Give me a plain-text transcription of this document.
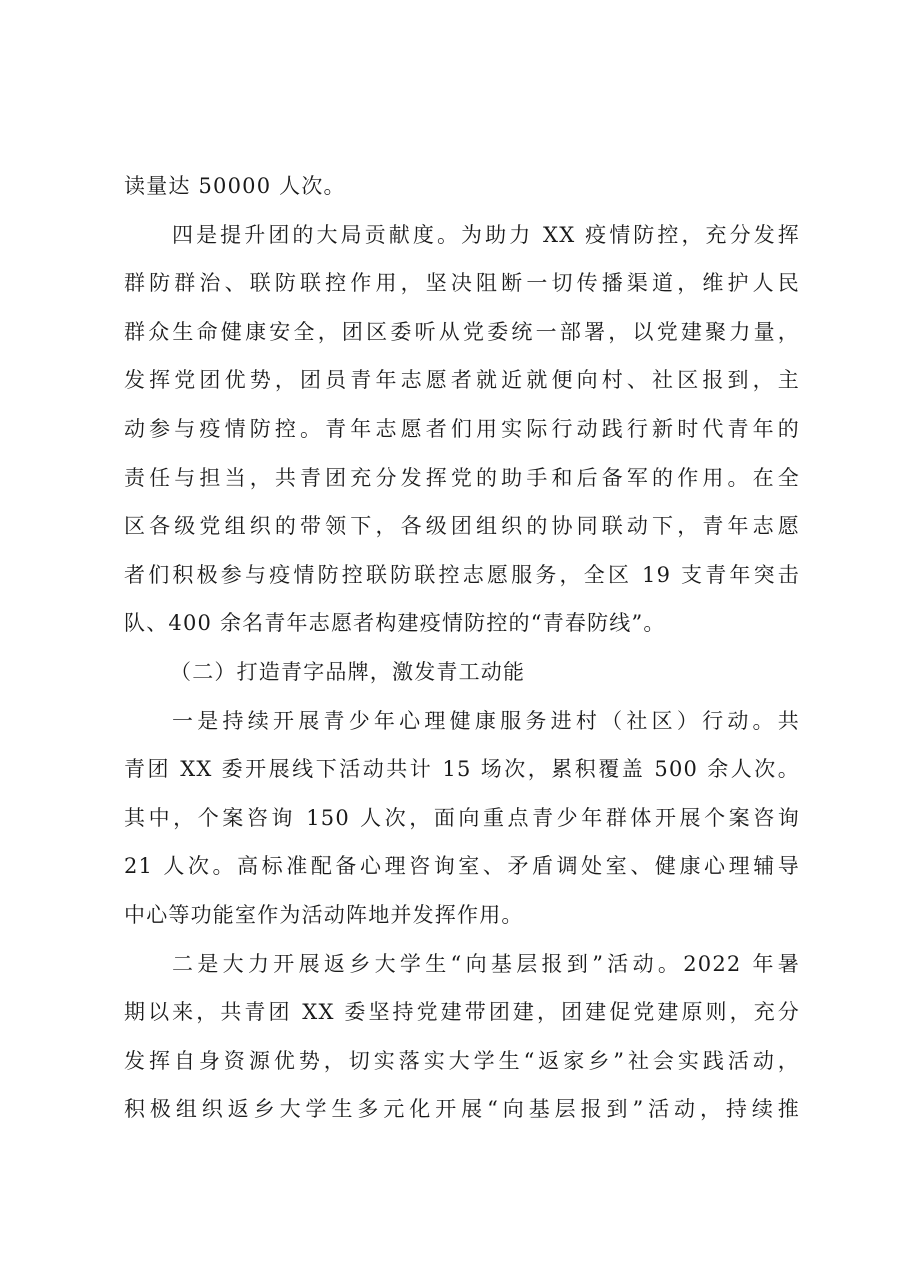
读量达 50000 人次。
四是提升团的大局贡献度。为助力 XX 疫情防控，充分发挥
群防群治、联防联控作用，坚决阻断一切传播渠道，维护人民
群众生命健康安全，团区委听从党委统一部署，以党建聚力量，
发挥党团优势，团员青年志愿者就近就便向村、社区报到，主
动参与疫情防控。青年志愿者们用实际行动践行新时代青年的
责任与担当，共青团充分发挥党的助手和后备军的作用。在全
区各级党组织的带领下，各级团组织的协同联动下，青年志愿
者们积极参与疫情防控联防联控志愿服务，全区 19 支青年突击
队、400 余名青年志愿者构建疫情防控的“青春防线”。
（二）打造青字品牌，激发青工动能
一是持续开展青少年心理健康服务进村（社区）行动。共
青团 XX 委开展线下活动共计 15 场次，累积覆盖 500 余人次。
其中，个案咨询 150 人次，面向重点青少年群体开展个案咨询
21 人次。高标准配备心理咨询室、矛盾调处室、健康心理辅导
中心等功能室作为活动阵地并发挥作用。
二是大力开展返乡大学生“向基层报到”活动。2022 年暑
期以来，共青团 XX 委坚持党建带团建，团建促党建原则，充分
发挥自身资源优势，切实落实大学生“返家乡”社会实践活动，
积极组织返乡大学生多元化开展“向基层报到”活动，持续推
